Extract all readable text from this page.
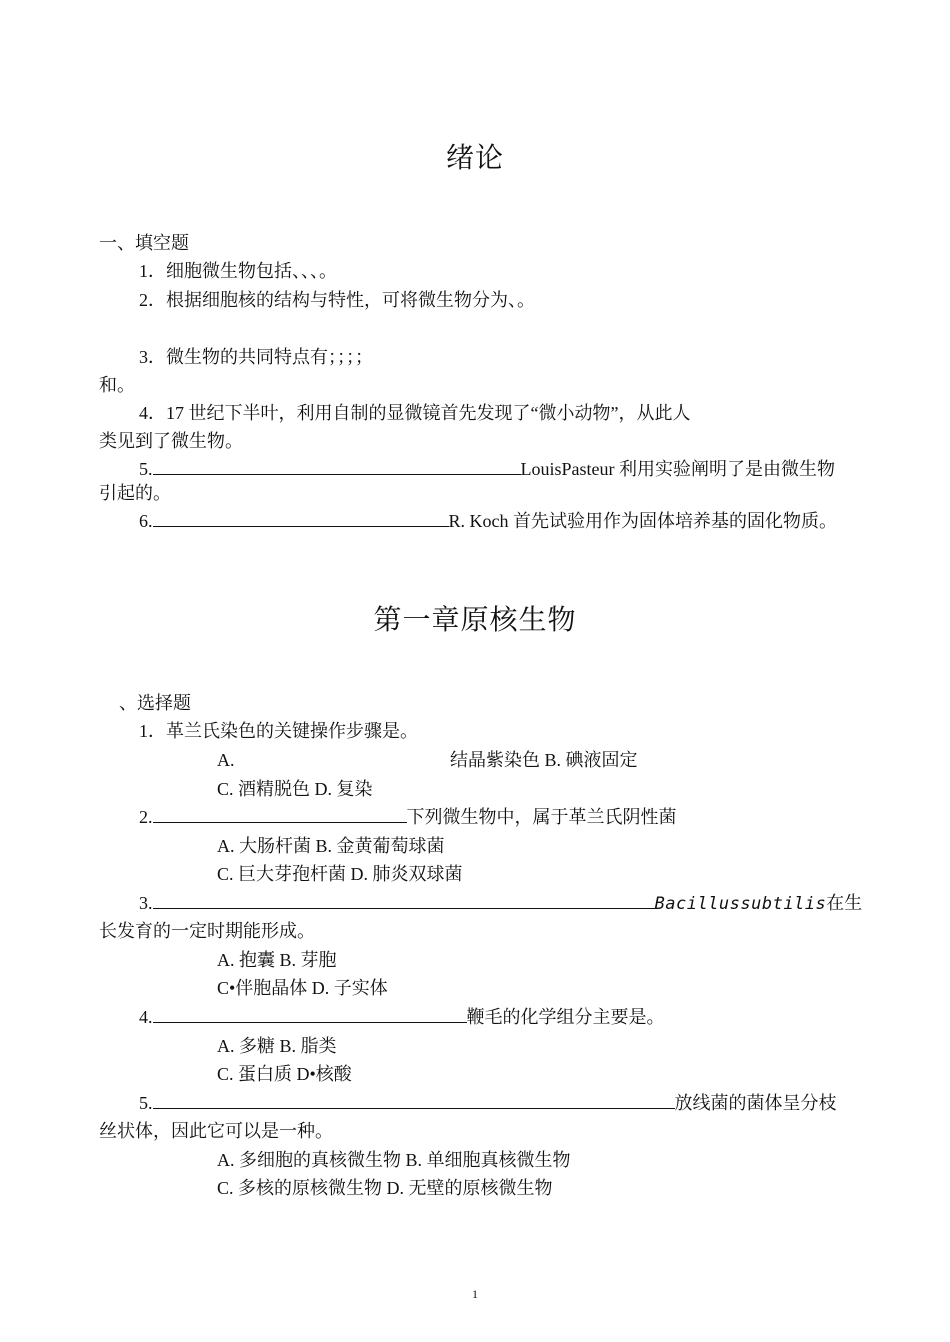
绪论
一、填空题
1．细胞微生物包括、、、。
2．根据细胞核的结构与特性，可将微生物分为、。
3．微生物的共同特点有；；；；
和。
4．17 世纪下半叶，利用自制的显微镜首先发现了“微小动物”，从此人
类见到了微生物。
5.	LouisPasteur 利用实验阐明了是由微生物
引起的。
6.	R. Koch 首先试验用作为固体培养基的固化物质。
第一章原核生物
、选择题
1．革兰氏染色的关键操作步骤是。
A.	结晶紫染色 B. 碘液固定
C. 酒精脱色 D. 复染
2.	下列微生物中，属于革兰氏阴性菌
A. 大肠杆菌 B. 金黄葡萄球菌
C. 巨大芽孢杆菌 D. 肺炎双球菌
3.	Bacillussubtilis在生
长发育的一定时期能形成。
A. 抱囊 B. 芽胞
C•伴胞晶体 D. 子实体
4.	鞭毛的化学组分主要是。
A. 多糖 B. 脂类
C. 蛋白质 D•核酸
5.	放线菌的菌体呈分枝
丝状体，因此它可以是一种。
A. 多细胞的真核微生物 B. 单细胞真核微生物
C. 多核的原核微生物 D. 无壁的原核微生物
1
